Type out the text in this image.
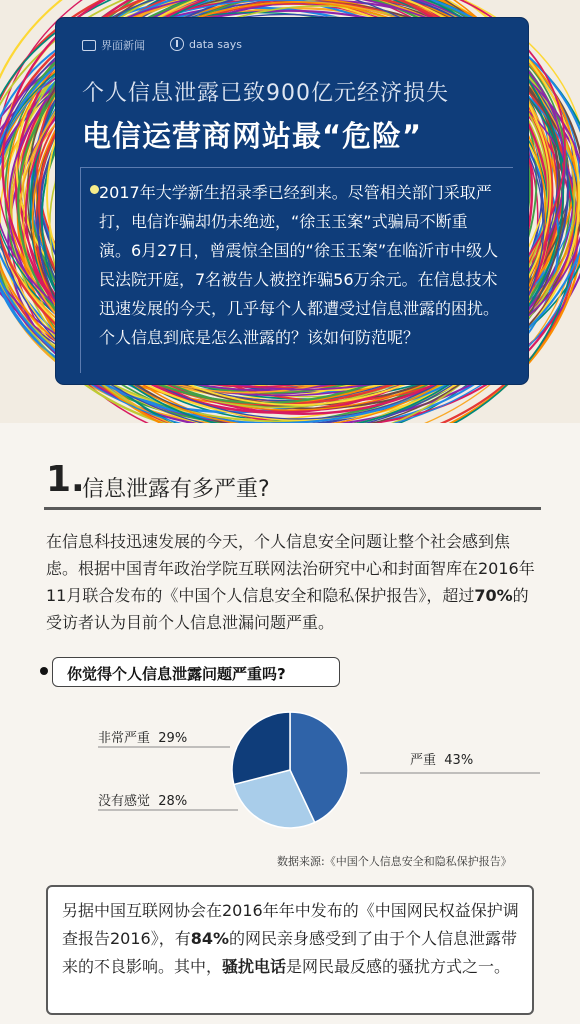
界面新闻	data says
个人信息泄露已致900亿元经济损失
电信运营商网站最“危险”
2017年大学新生招录季已经到来。尽管相关部门采取严打，电信诈骗却仍未绝迹，“徐玉玉案”式骗局不断重演。6月27日，曾震惊全国的“徐玉玉案”在临沂市中级人民法院开庭，7名被告人被控诈骗56万余元。在信息技术迅速发展的今天，几乎每个人都遭受过信息泄露的困扰。个人信息到底是怎么泄露的？该如何防范呢？
1.
信息泄露有多严重?
在信息科技迅速发展的今天，个人信息安全问题让整个社会感到焦虑。根据中国青年政治学院互联网法治研究中心和封面智库在2016年11月联合发布的《中国个人信息安全和隐私保护报告》，超过70%的受访者认为目前个人信息泄漏问题严重。
你觉得个人信息泄露问题严重吗?
非常严重 29%
没有感觉 28%
严重 43%
数据来源:《中国个人信息安全和隐私保护报告》
另据中国互联网协会在2016年年中发布的《中国网民权益保护调查报告2016》，有84%的网民亲身感受到了由于个人信息泄露带来的不良影响。其中，骚扰电话是网民最反感的骚扰方式之一。
